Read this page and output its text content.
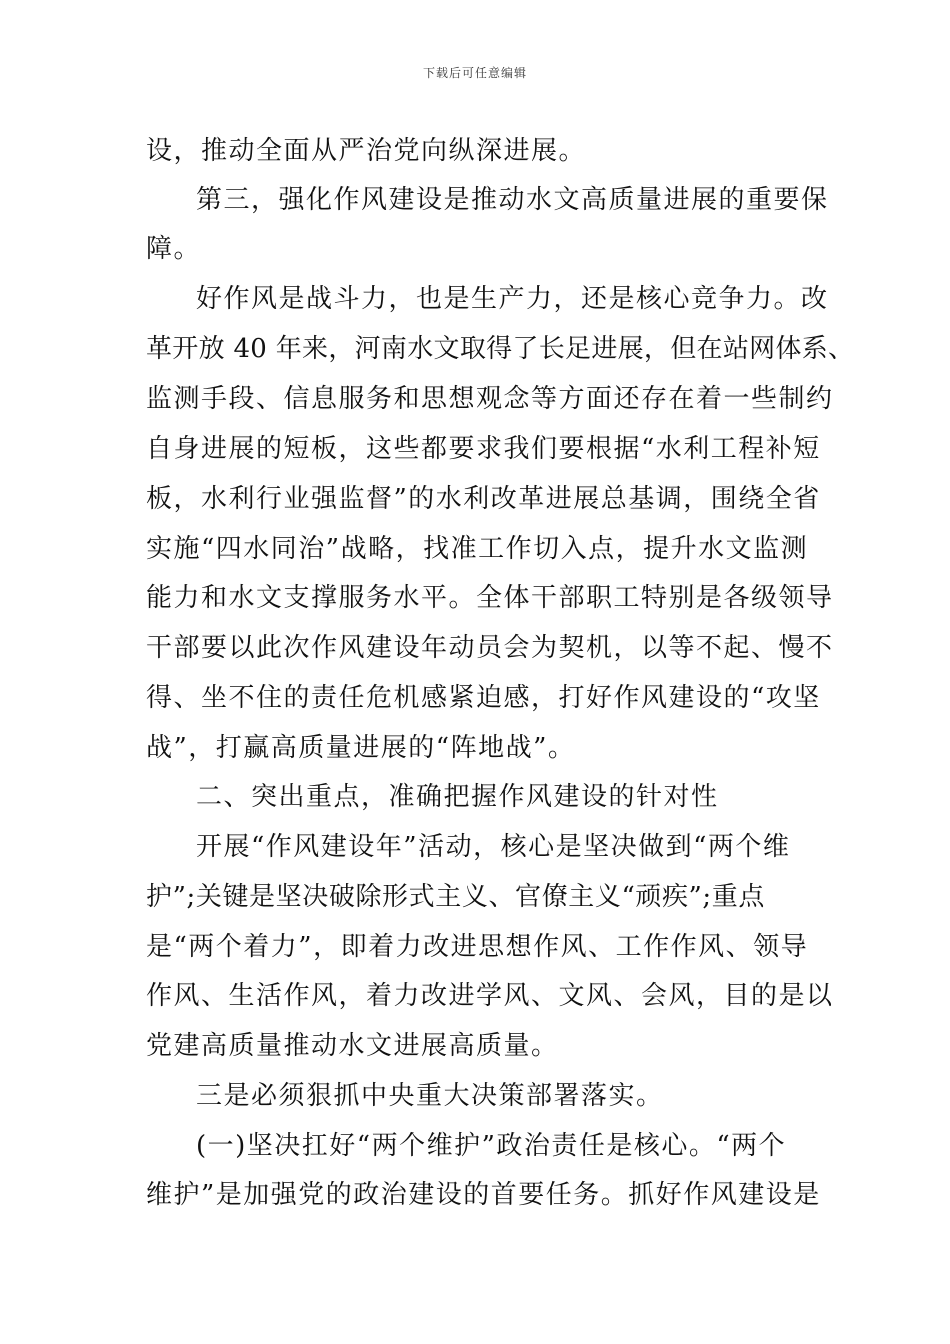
下载后可任意编辑
设，推动全面从严治党向纵深进展。
第三，强化作风建设是推动水文高质量进展的重要保
障。
好作风是战斗力，也是生产力，还是核心竞争力。改
革开放 40 年来，河南水文取得了长足进展，但在站网体系、
监测手段、信息服务和思想观念等方面还存在着一些制约
自身进展的短板，这些都要求我们要根据“水利工程补短
板，水利行业强监督”的水利改革进展总基调，围绕全省
实施“四水同治”战略，找准工作切入点，提升水文监测
能力和水文支撑服务水平。全体干部职工特别是各级领导
干部要以此次作风建设年动员会为契机，以等不起、慢不
得、坐不住的责任危机感紧迫感，打好作风建设的“攻坚
战”，打赢高质量进展的“阵地战”。
二、突出重点，准确把握作风建设的针对性
开展“作风建设年”活动，核心是坚决做到“两个维
护”;关键是坚决破除形式主义、官僚主义“顽疾”;重点
是“两个着力”，即着力改进思想作风、工作作风、领导
作风、生活作风，着力改进学风、文风、会风，目的是以
党建高质量推动水文进展高质量。
三是必须狠抓中央重大决策部署落实。
(一)坚决扛好“两个维护”政治责任是核心。“两个
维护”是加强党的政治建设的首要任务。抓好作风建设是
